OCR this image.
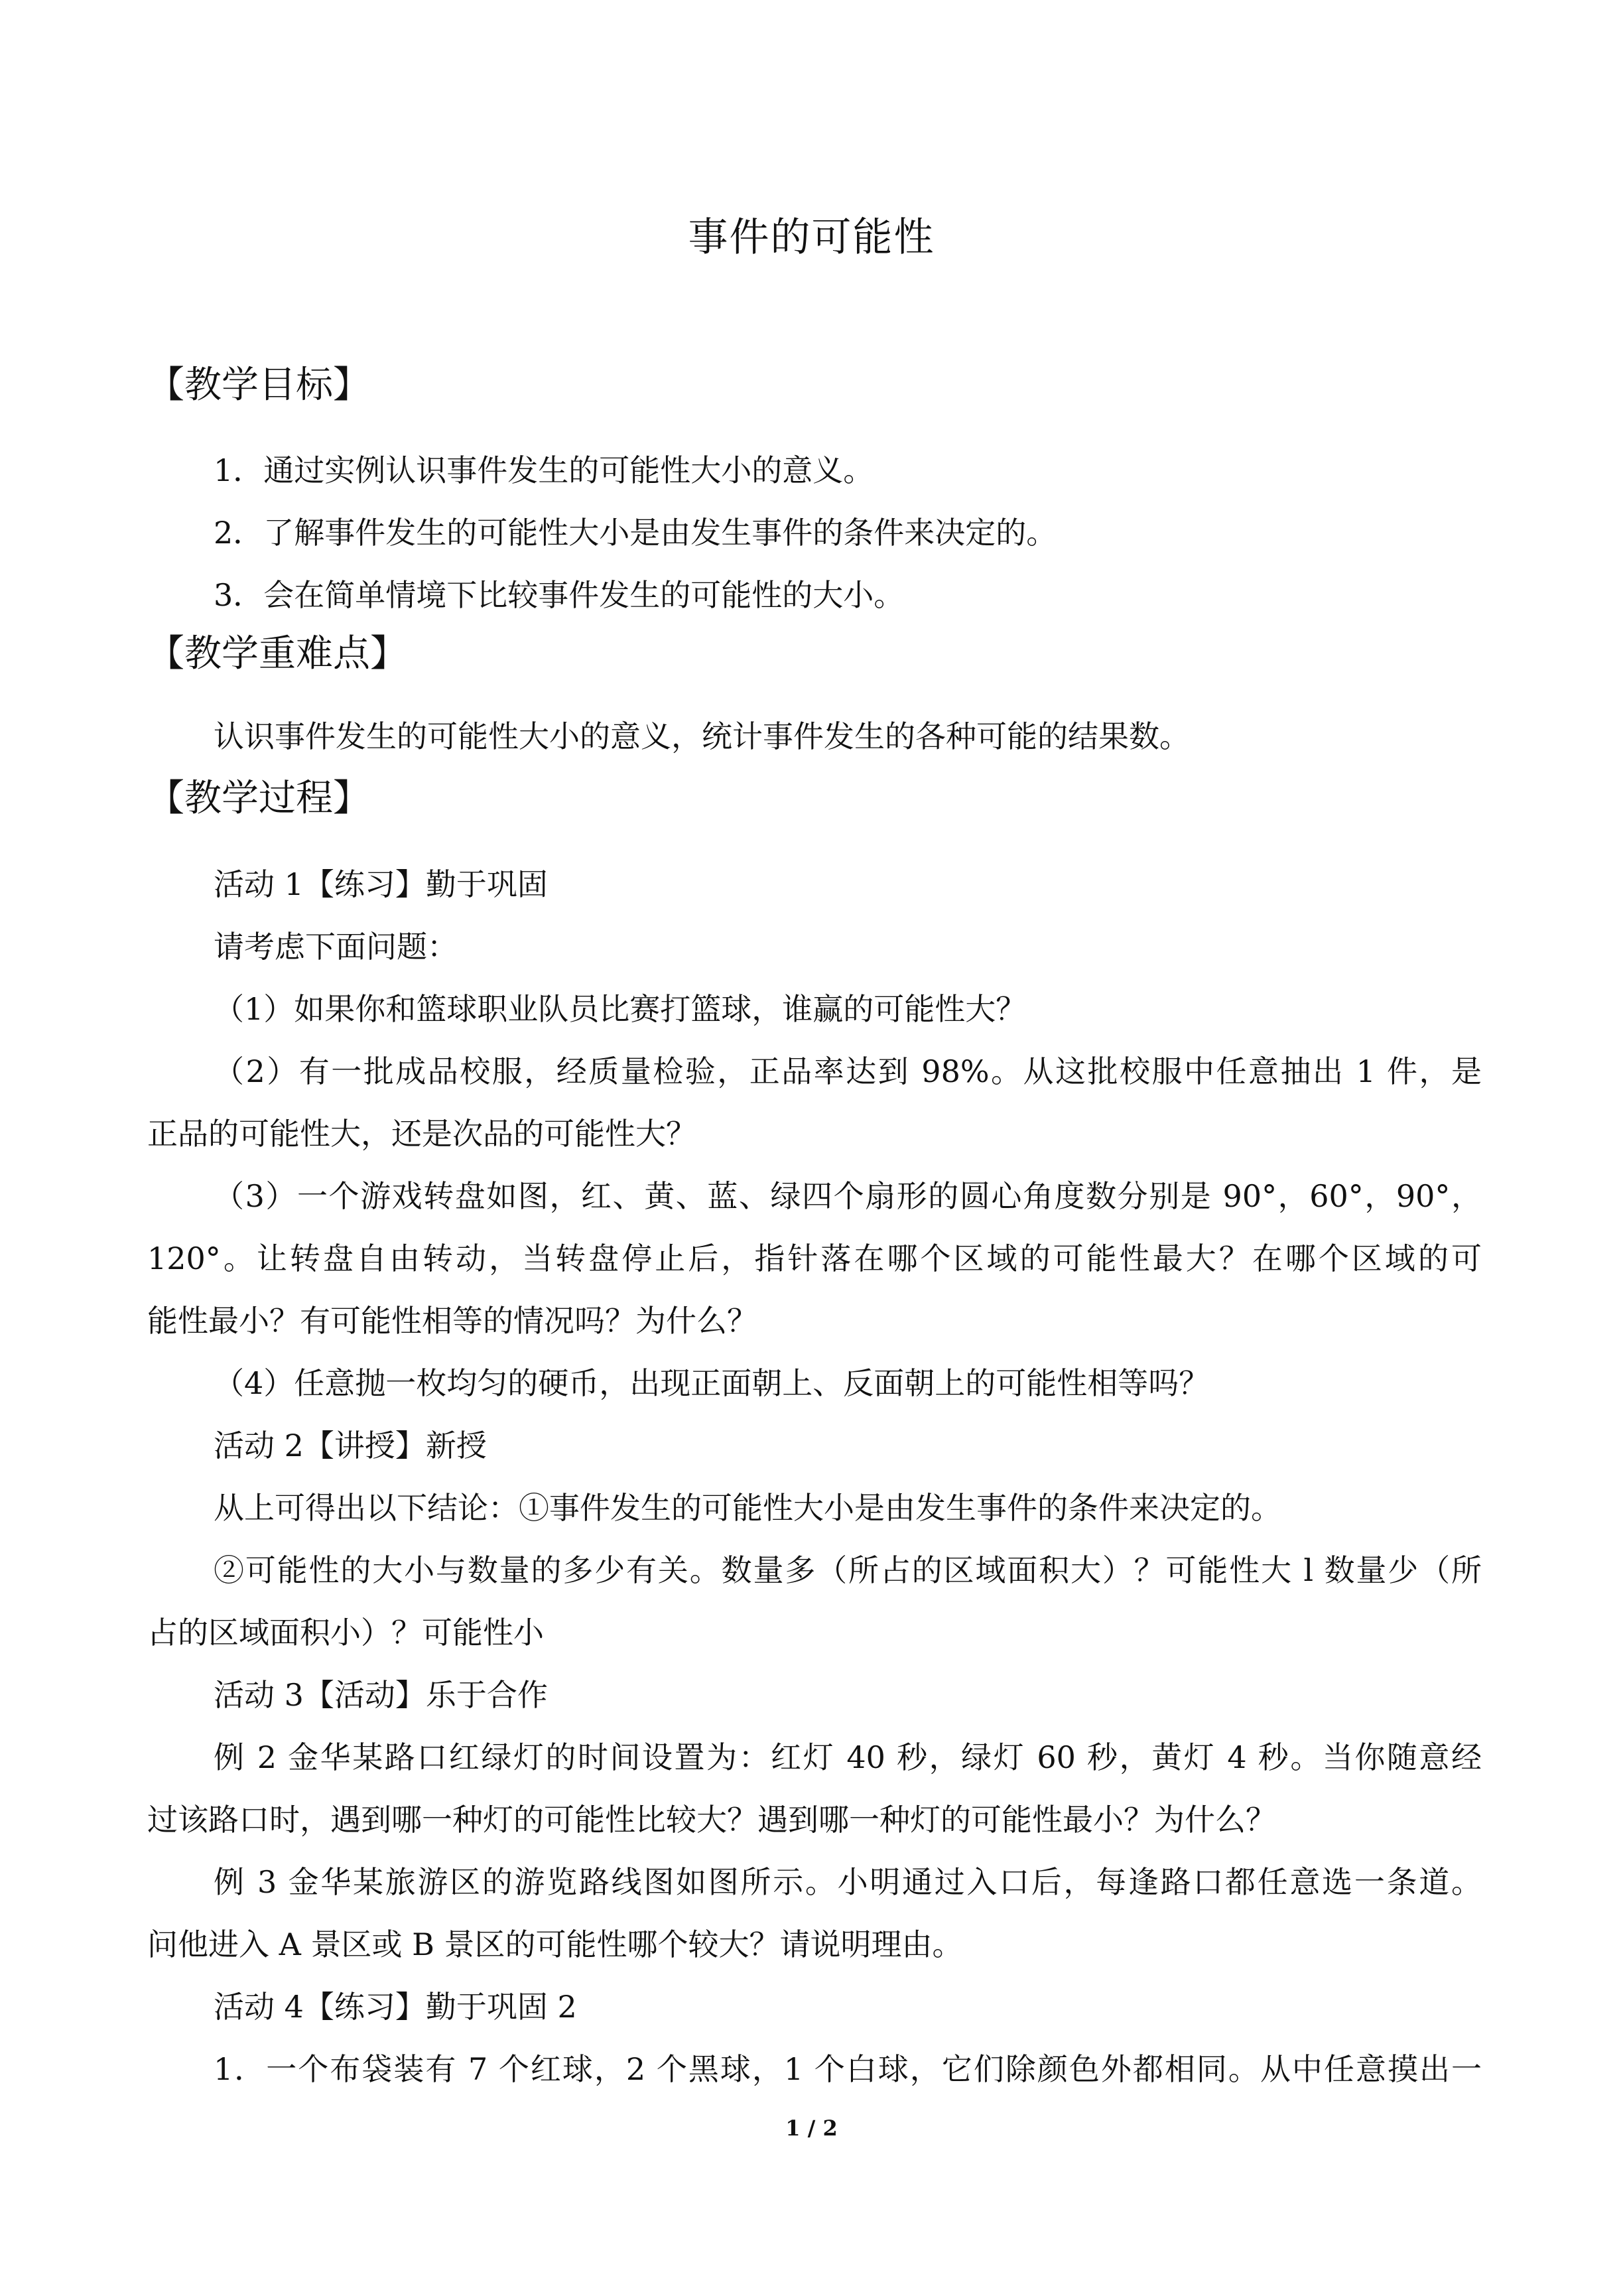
事件的可能性
【教学目标】
1．通过实例认识事件发生的可能性大小的意义。
2．了解事件发生的可能性大小是由发生事件的条件来决定的。
3．会在简单情境下比较事件发生的可能性的大小。
【教学重难点】
认识事件发生的可能性大小的意义，统计事件发生的各种可能的结果数。
【教学过程】
活动 1【练习】勤于巩固
请考虑下面问题：
（1）如果你和篮球职业队员比赛打篮球，谁赢的可能性大？
（2）有一批成品校服，经质量检验，正品率达到 98%。从这批校服中任意抽出 1 件，是
正品的可能性大，还是次品的可能性大？
（3）一个游戏转盘如图，红、黄、蓝、绿四个扇形的圆心角度数分别是 90°，60°，90°，
120°。让转盘自由转动，当转盘停止后，指针落在哪个区域的可能性最大？在哪个区域的可
能性最小？有可能性相等的情况吗？为什么？
（4）任意抛一枚均匀的硬币，出现正面朝上、反面朝上的可能性相等吗？
活动 2【讲授】新授
从上可得出以下结论：①事件发生的可能性大小是由发生事件的条件来决定的。
②可能性的大小与数量的多少有关。数量多（所占的区域面积大）？可能性大 l 数量少（所
占的区域面积小）？可能性小
活动 3【活动】乐于合作
例 2 金华某路口红绿灯的时间设置为：红灯 40 秒，绿灯 60 秒，黄灯 4 秒。当你随意经
过该路口时，遇到哪一种灯的可能性比较大？遇到哪一种灯的可能性最小？为什么？
例 3 金华某旅游区的游览路线图如图所示。小明通过入口后，每逢路口都任意选一条道。
问他进入 A 景区或 B 景区的可能性哪个较大？请说明理由。
活动 4【练习】勤于巩固 2
1．一个布袋装有 7 个红球，2 个黑球，1 个白球，它们除颜色外都相同。从中任意摸出一
1 / 2
